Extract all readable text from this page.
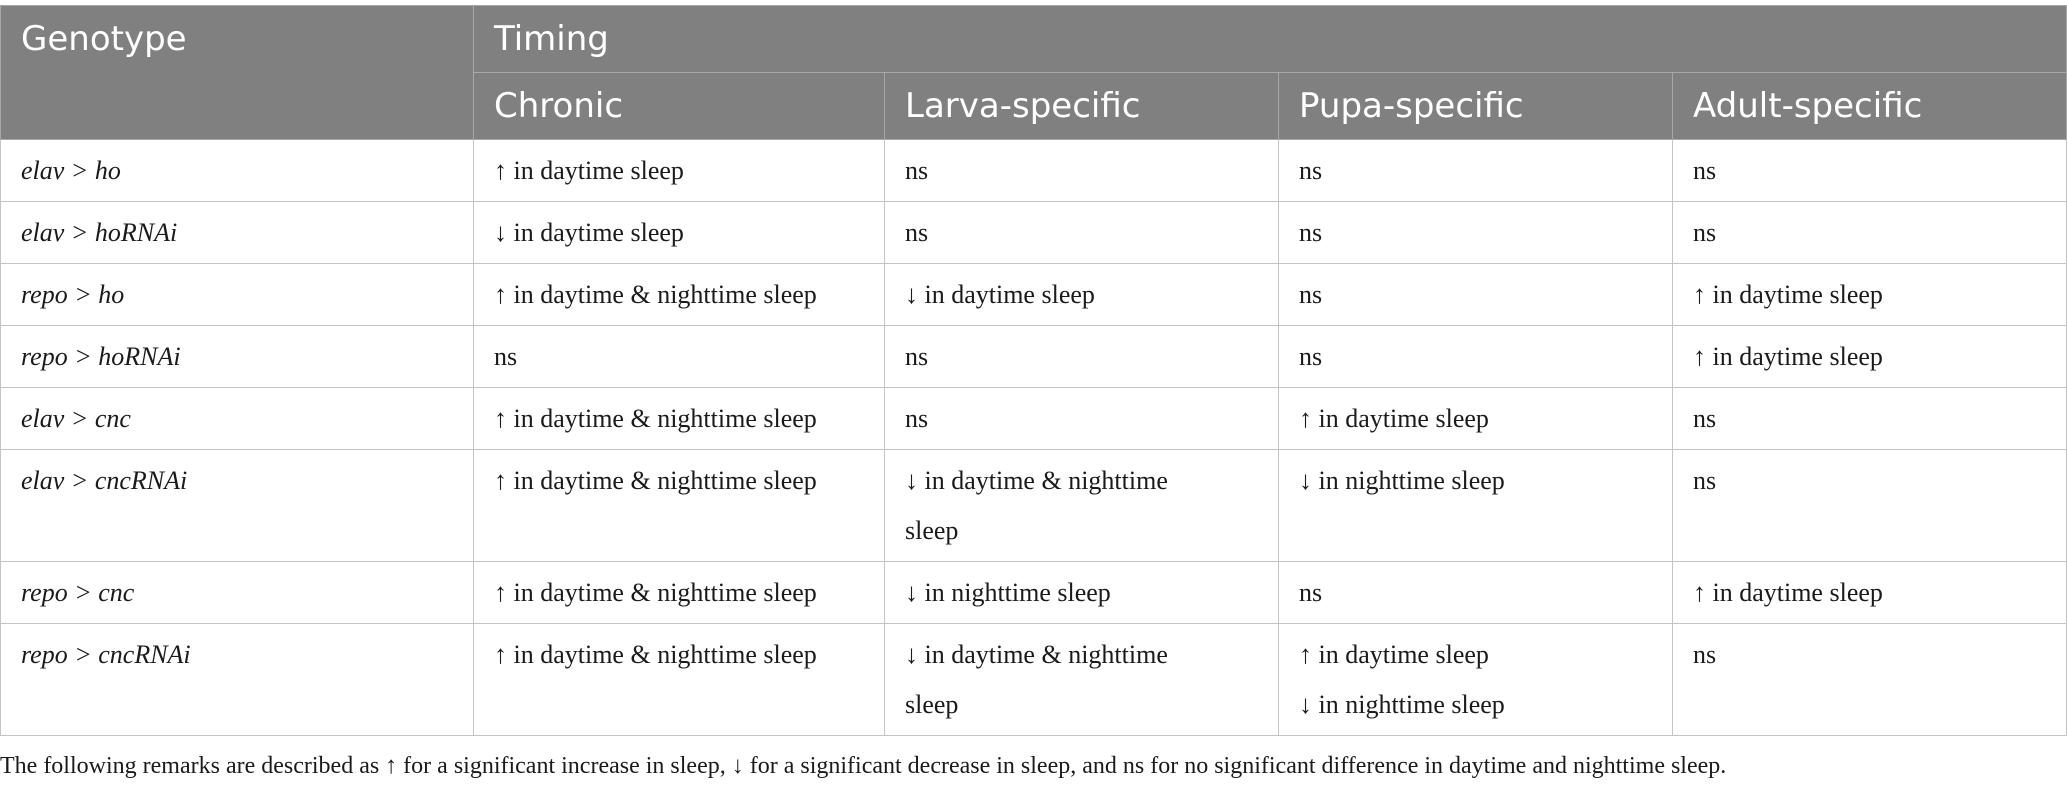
Genotype	Timing			
	Chronic	Larva-specific	Pupa-specific	Adult-specific
elav > ho	↑ in daytime sleep	ns	ns	ns

elav > hoRNAi	↓ in daytime sleep	ns	ns	ns

repo > ho	↑ in daytime & nighttime sleep	↓ in daytime sleep	ns	↑ in daytime sleep

repo > hoRNAi	ns	ns	ns	↑ in daytime sleep

elav > cnc	↑ in daytime & nighttime sleep	ns	↑ in daytime sleep	ns

elav > cncRNAi	↑ in daytime & nighttime sleep	↓ in daytime & nighttime
sleep	↓ in nighttime sleep	ns

repo > cnc	↑ in daytime & nighttime sleep	↓ in nighttime sleep	ns	↑ in daytime sleep

repo > cncRNAi	↑ in daytime & nighttime sleep	↓ in daytime & nighttime
sleep	↑ in daytime sleep
↓ in nighttime sleep	ns
The following remarks are described as ↑ for a significant increase in sleep, ↓ for a significant decrease in sleep, and ns for no significant difference in daytime and nighttime sleep.
